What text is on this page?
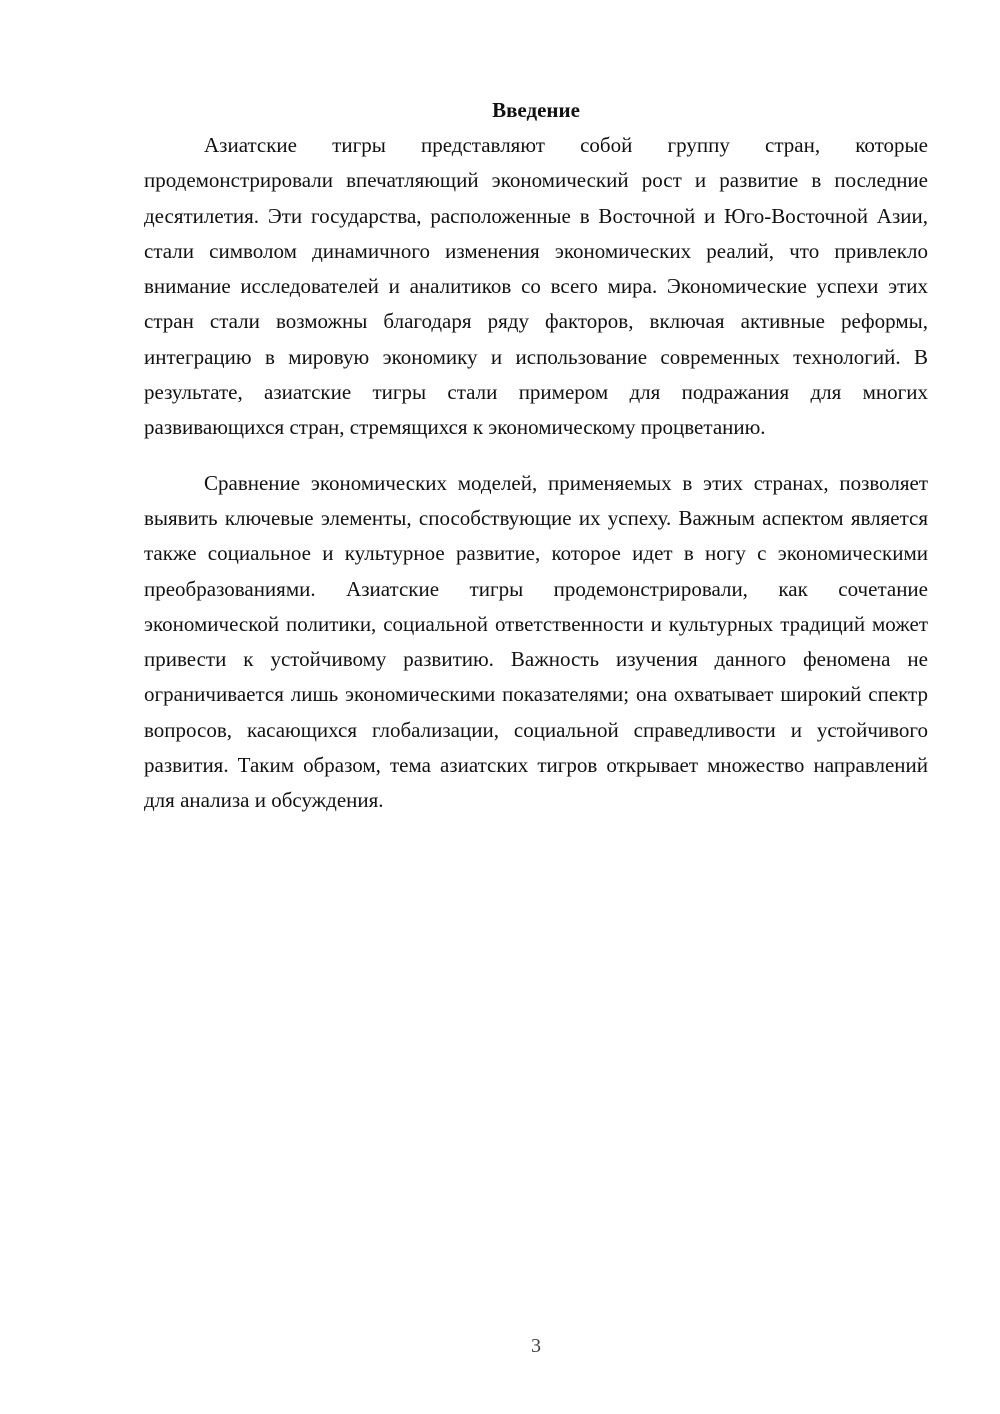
Введение

Азиатские тигры представляют собой группу стран, которые продемонстрировали впечатляющий экономический рост и развитие в последние десятилетия. Эти государства, расположенные в Восточной и Юго-Восточной Азии, стали символом динамичного изменения экономических реалий, что привлекло внимание исследователей и аналитиков со всего мира. Экономические успехи этих стран стали возможны благодаря ряду факторов, включая активные реформы, интеграцию в мировую экономику и использование современных технологий. В результате, азиатские тигры стали примером для подражания для многих развивающихся стран, стремящихся к экономическому процветанию.

Сравнение экономических моделей, применяемых в этих странах, позволяет выявить ключевые элементы, способствующие их успеху. Важным аспектом является также социальное и культурное развитие, которое идет в ногу с экономическими преобразованиями. Азиатские тигры продемонстрировали, как сочетание экономической политики, социальной ответственности и культурных традиций может привести к устойчивому развитию. Важность изучения данного феномена не ограничивается лишь экономическими показателями; она охватывает широкий спектр вопросов, касающихся глобализации, социальной справедливости и устойчивого развития. Таким образом, тема азиатских тигров открывает множество направлений для анализа и обсуждения.

3
